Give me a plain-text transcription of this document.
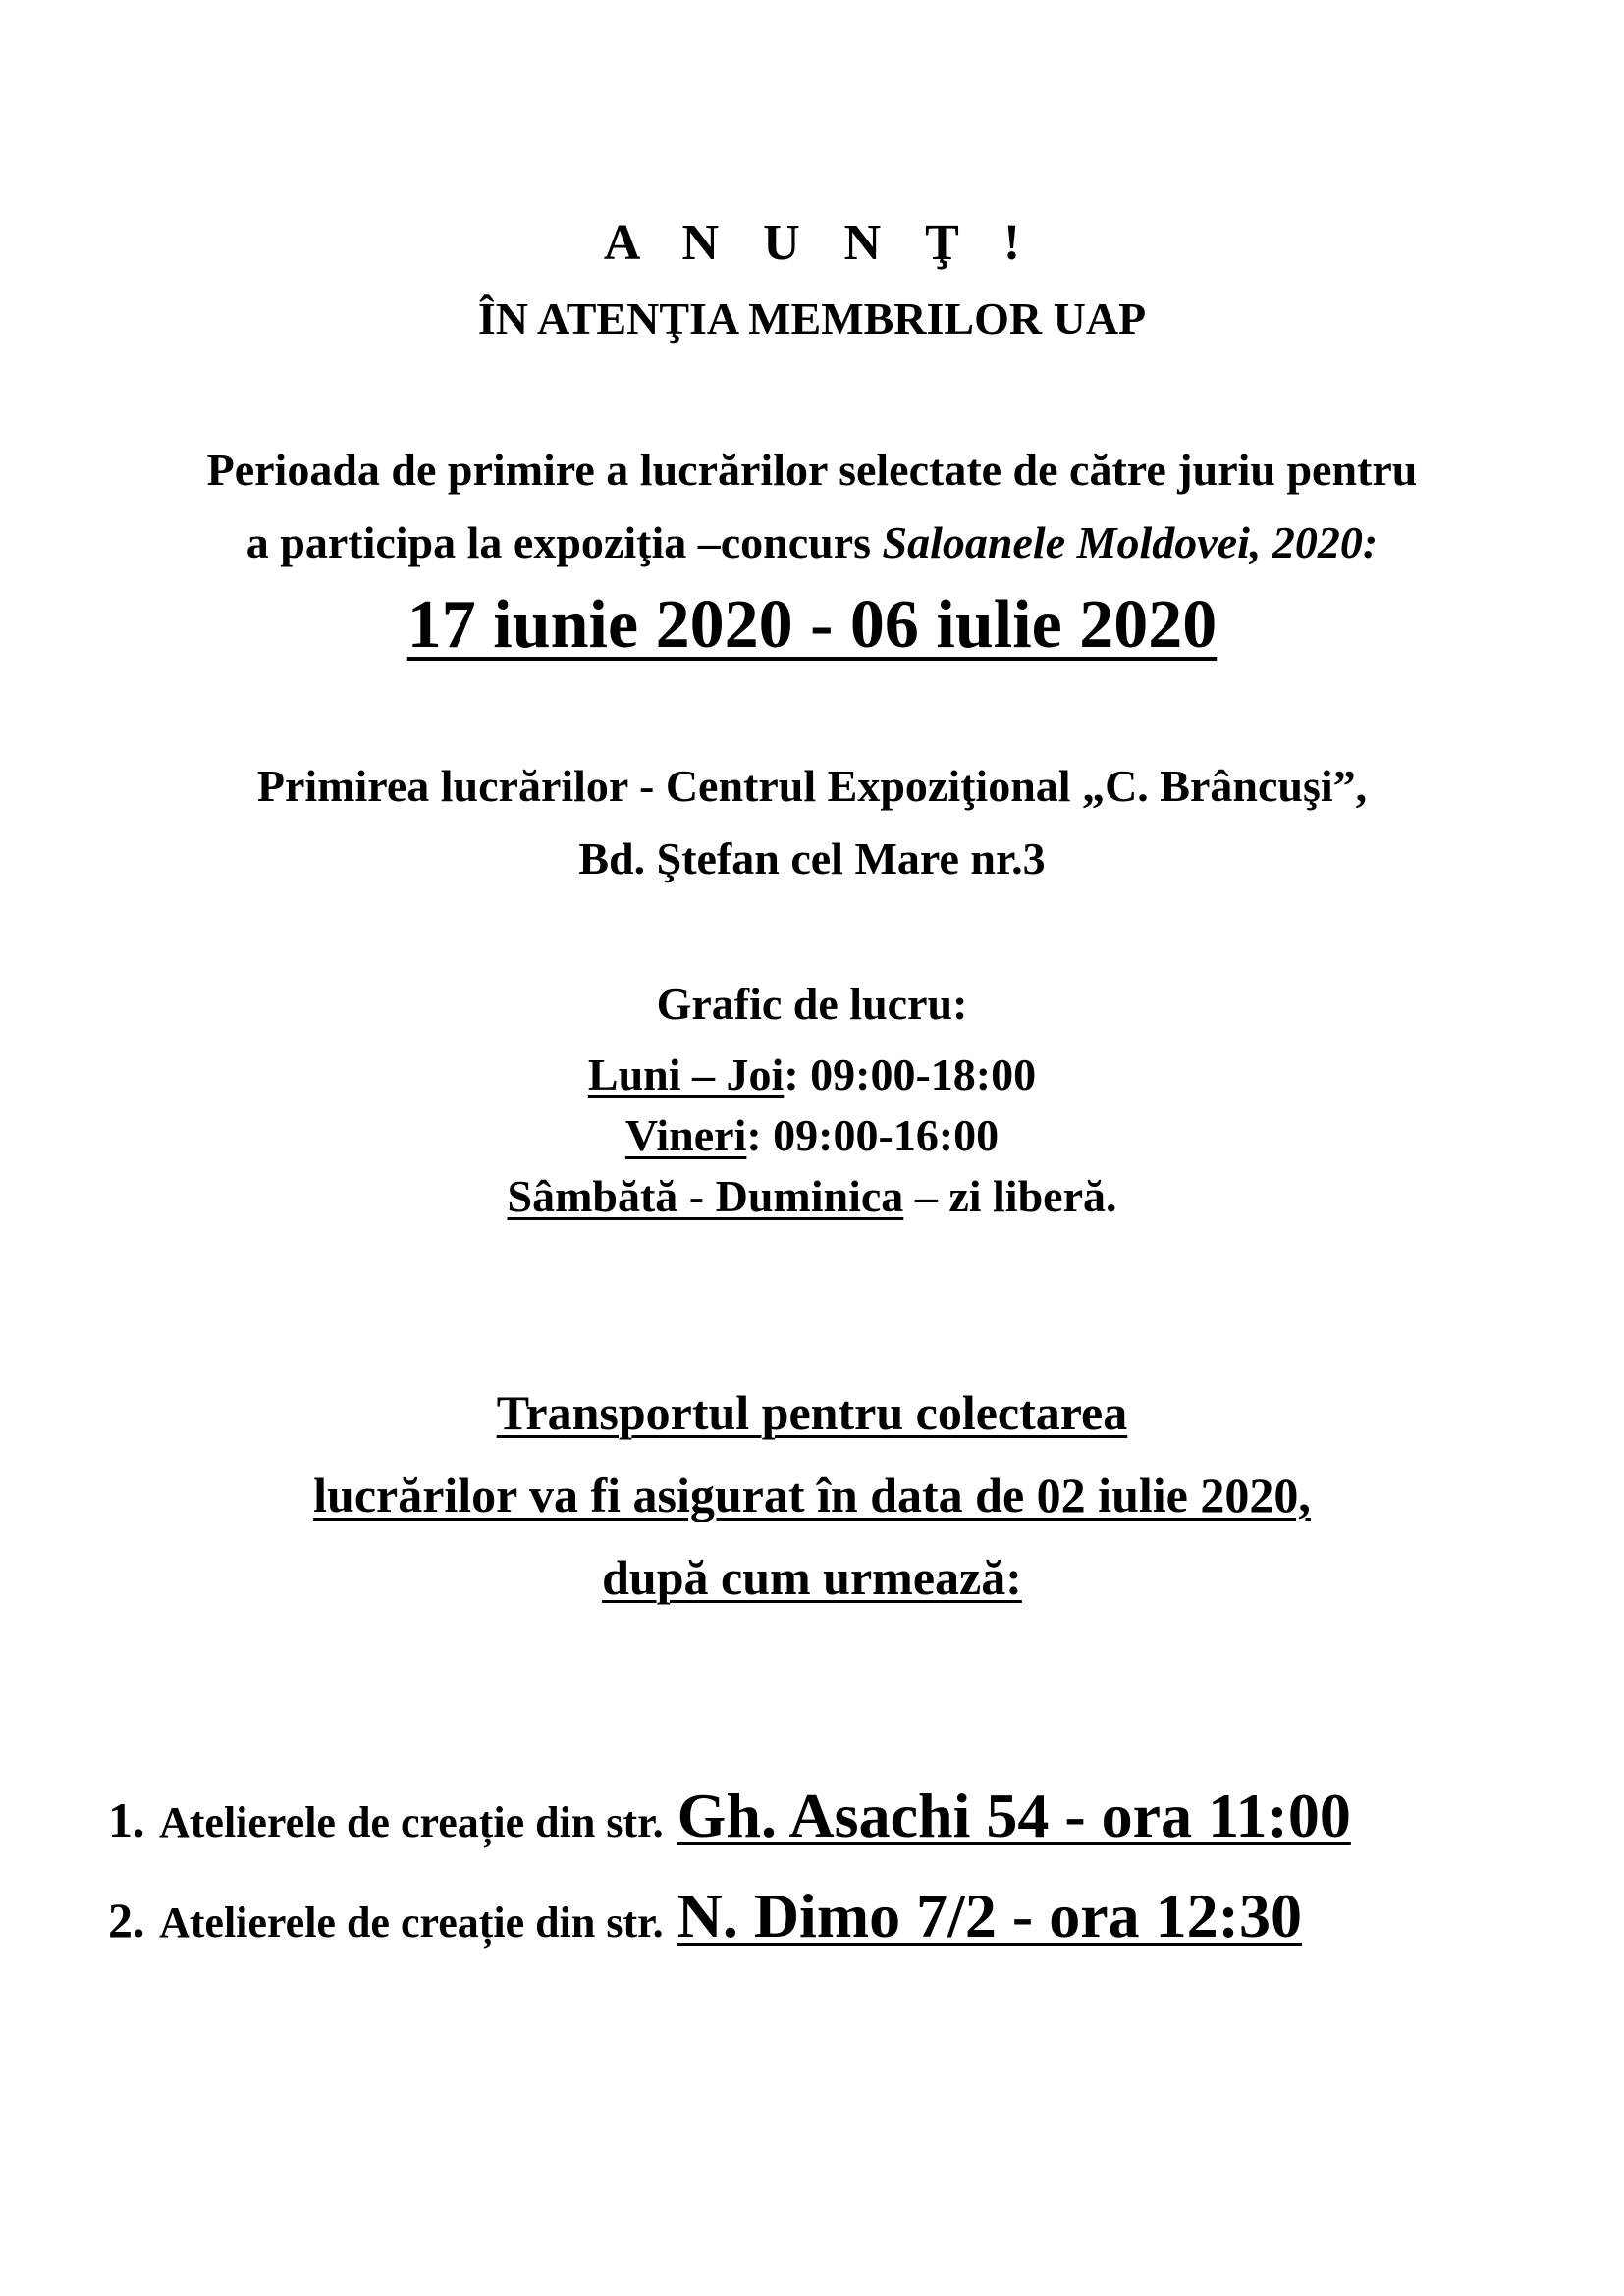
A N U N Ţ !
ÎN ATENŢIA MEMBRILOR UAP
Perioada de primire a lucrărilor selectate de către juriu pentru
a participa la expoziţia –concurs Saloanele Moldovei, 2020:
17 iunie 2020 - 06 iulie 2020
Primirea lucrărilor - Centrul Expoziţional „C. Brâncuşi”,
Bd. Ştefan cel Mare nr.3
Grafic de lucru:
Luni – Joi: 09:00-18:00
Vineri: 09:00-16:00
Sâmbătă - Duminica – zi liberă.
Transportul pentru colectarea
lucrărilor va fi asigurat în data de 02 iulie 2020,
după cum urmează:
1. Atelierele de creație din str. Gh. Asachi 54 - ora 11:00
2. Atelierele de creație din str. N. Dimo 7/2 - ora 12:30
